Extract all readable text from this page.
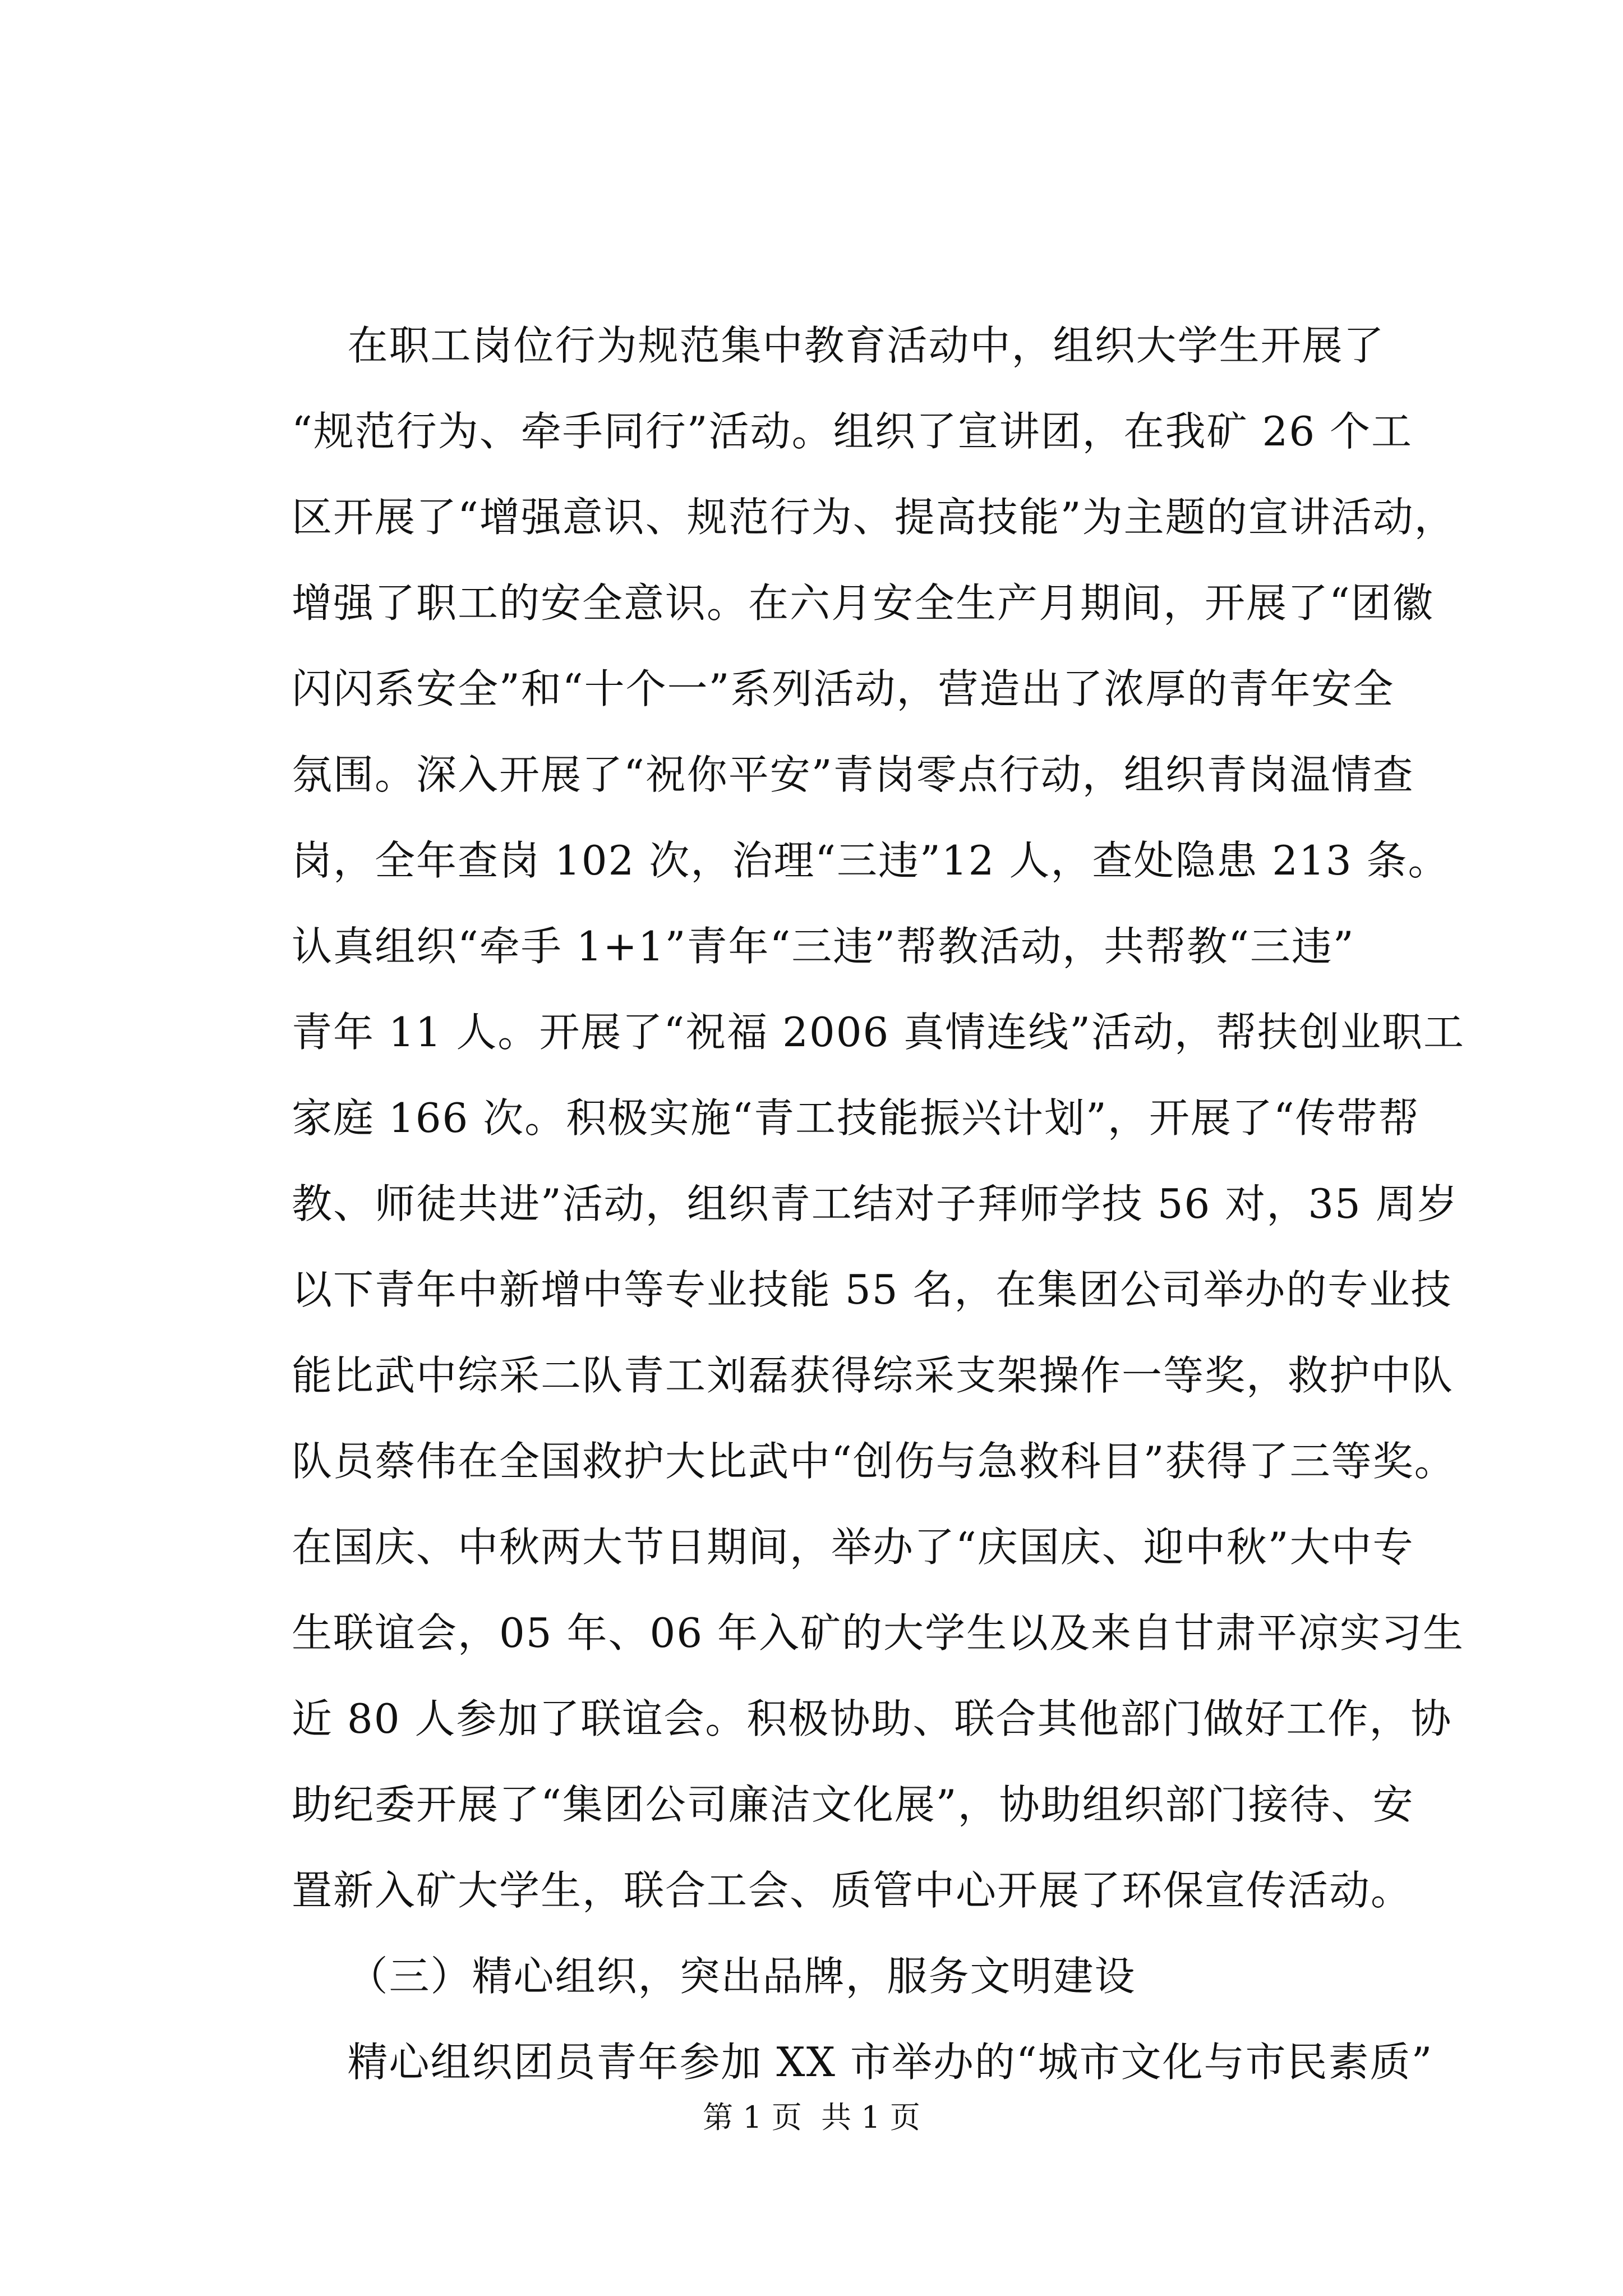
在职工岗位行为规范集中教育活动中，组织大学生开展了
“规范行为、牵手同行”活动。组织了宣讲团，在我矿 26 个工
区开展了“增强意识、规范行为、提高技能”为主题的宣讲活动，
增强了职工的安全意识。在六月安全生产月期间，开展了“团徽
闪闪系安全”和“十个一”系列活动，营造出了浓厚的青年安全
氛围。深入开展了“祝你平安”青岗零点行动，组织青岗温情查
岗，全年查岗 102 次，治理“三违”12 人，查处隐患 213 条。
认真组织“牵手 1+1”青年“三违”帮教活动，共帮教“三违”
青年 11 人。开展了“祝福 2006 真情连线”活动，帮扶创业职工
家庭 166 次。积极实施“青工技能振兴计划”，开展了“传带帮
教、师徒共进”活动，组织青工结对子拜师学技 56 对，35 周岁
以下青年中新增中等专业技能 55 名，在集团公司举办的专业技
能比武中综采二队青工刘磊获得综采支架操作一等奖，救护中队
队员蔡伟在全国救护大比武中“创伤与急救科目”获得了三等奖。
在国庆、中秋两大节日期间，举办了“庆国庆、迎中秋”大中专
生联谊会，05 年、06 年入矿的大学生以及来自甘肃平凉实习生
近 80 人参加了联谊会。积极协助、联合其他部门做好工作，协
助纪委开展了“集团公司廉洁文化展”，协助组织部门接待、安
置新入矿大学生，联合工会、质管中心开展了环保宣传活动。
（三）精心组织，突出品牌，服务文明建设
精心组织团员青年参加 XX 市举办的“城市文化与市民素质”
第 1 页  共 1 页
